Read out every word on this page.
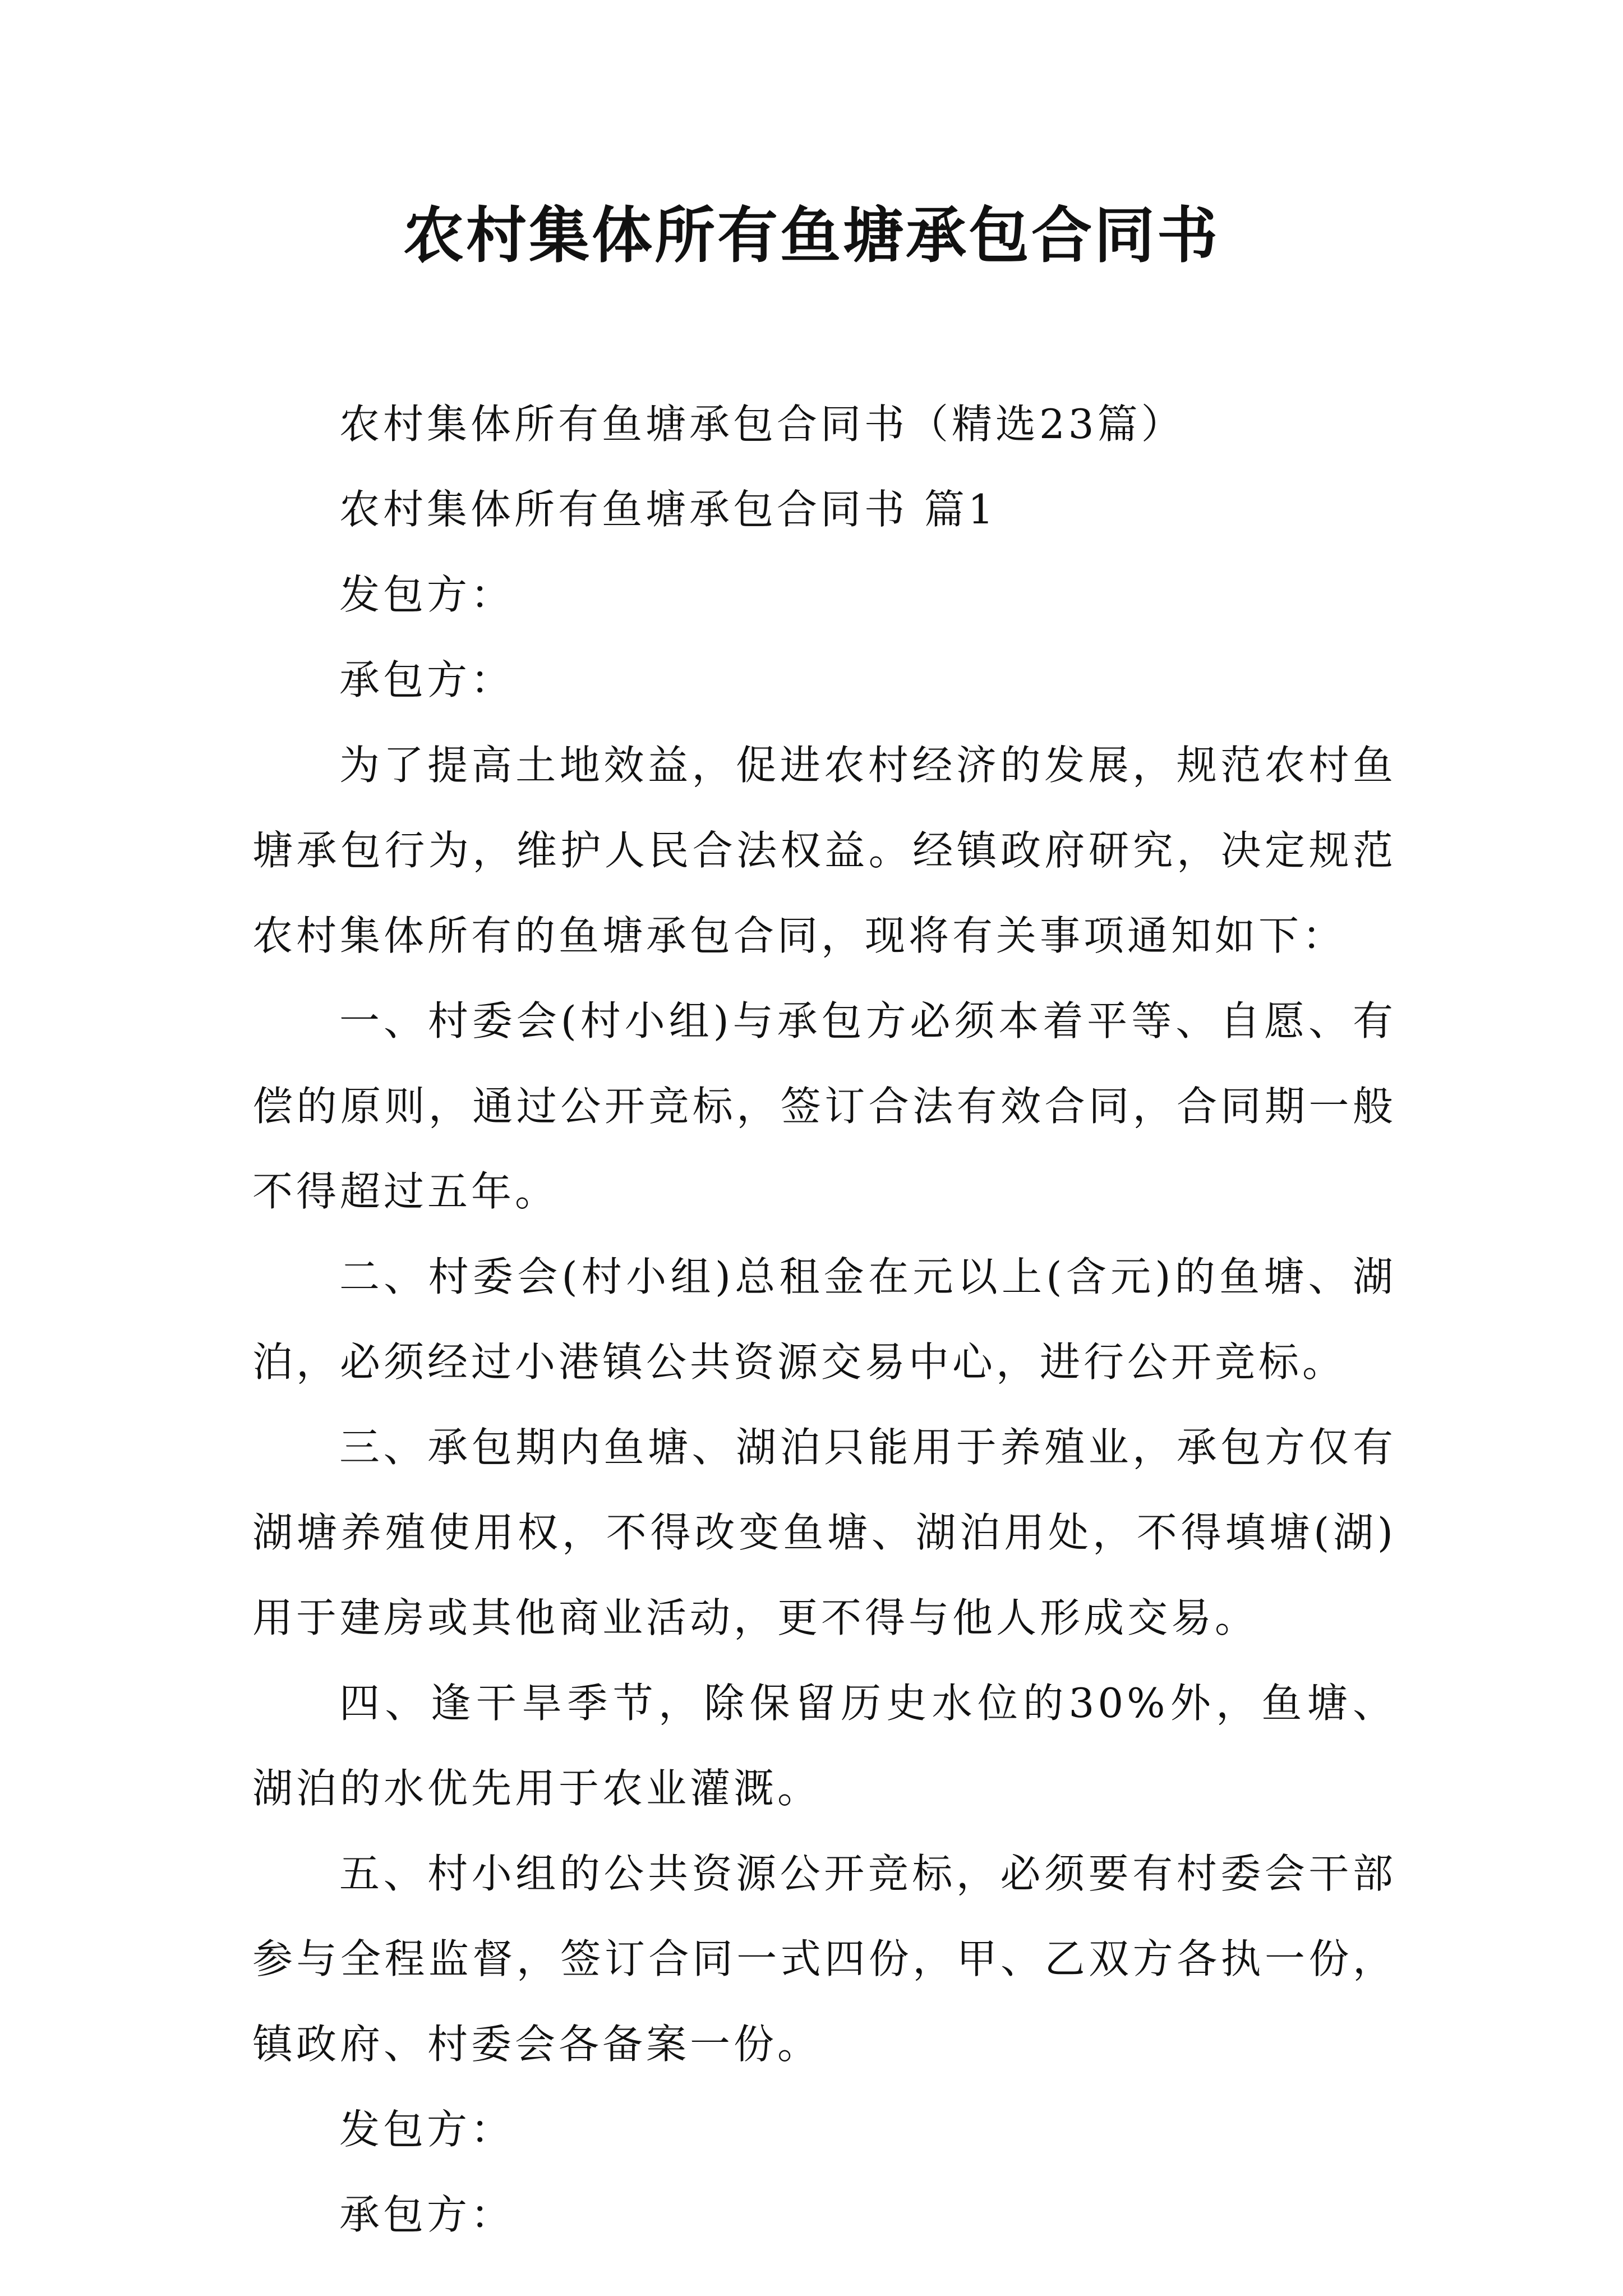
农村集体所有鱼塘承包合同书

农村集体所有鱼塘承包合同书（精选23篇）

农村集体所有鱼塘承包合同书 篇1

发包方：

承包方：

为了提高土地效益，促进农村经济的发展，规范农村鱼塘承包行为，维护人民合法权益。经镇政府研究，决定规范农村集体所有的鱼塘承包合同，现将有关事项通知如下：

一、村委会(村小组)与承包方必须本着平等、自愿、有偿的原则，通过公开竞标，签订合法有效合同，合同期一般不得超过五年。

二、村委会(村小组)总租金在元以上(含元)的鱼塘、湖泊，必须经过小港镇公共资源交易中心，进行公开竞标。

三、承包期内鱼塘、湖泊只能用于养殖业，承包方仅有湖塘养殖使用权，不得改变鱼塘、湖泊用处，不得填塘(湖)用于建房或其他商业活动，更不得与他人形成交易。

四、逢干旱季节，除保留历史水位的30%外，鱼塘、湖泊的水优先用于农业灌溉。

五、村小组的公共资源公开竞标，必须要有村委会干部参与全程监督，签订合同一式四份，甲、乙双方各执一份，镇政府、村委会各备案一份。

发包方：

承包方：
